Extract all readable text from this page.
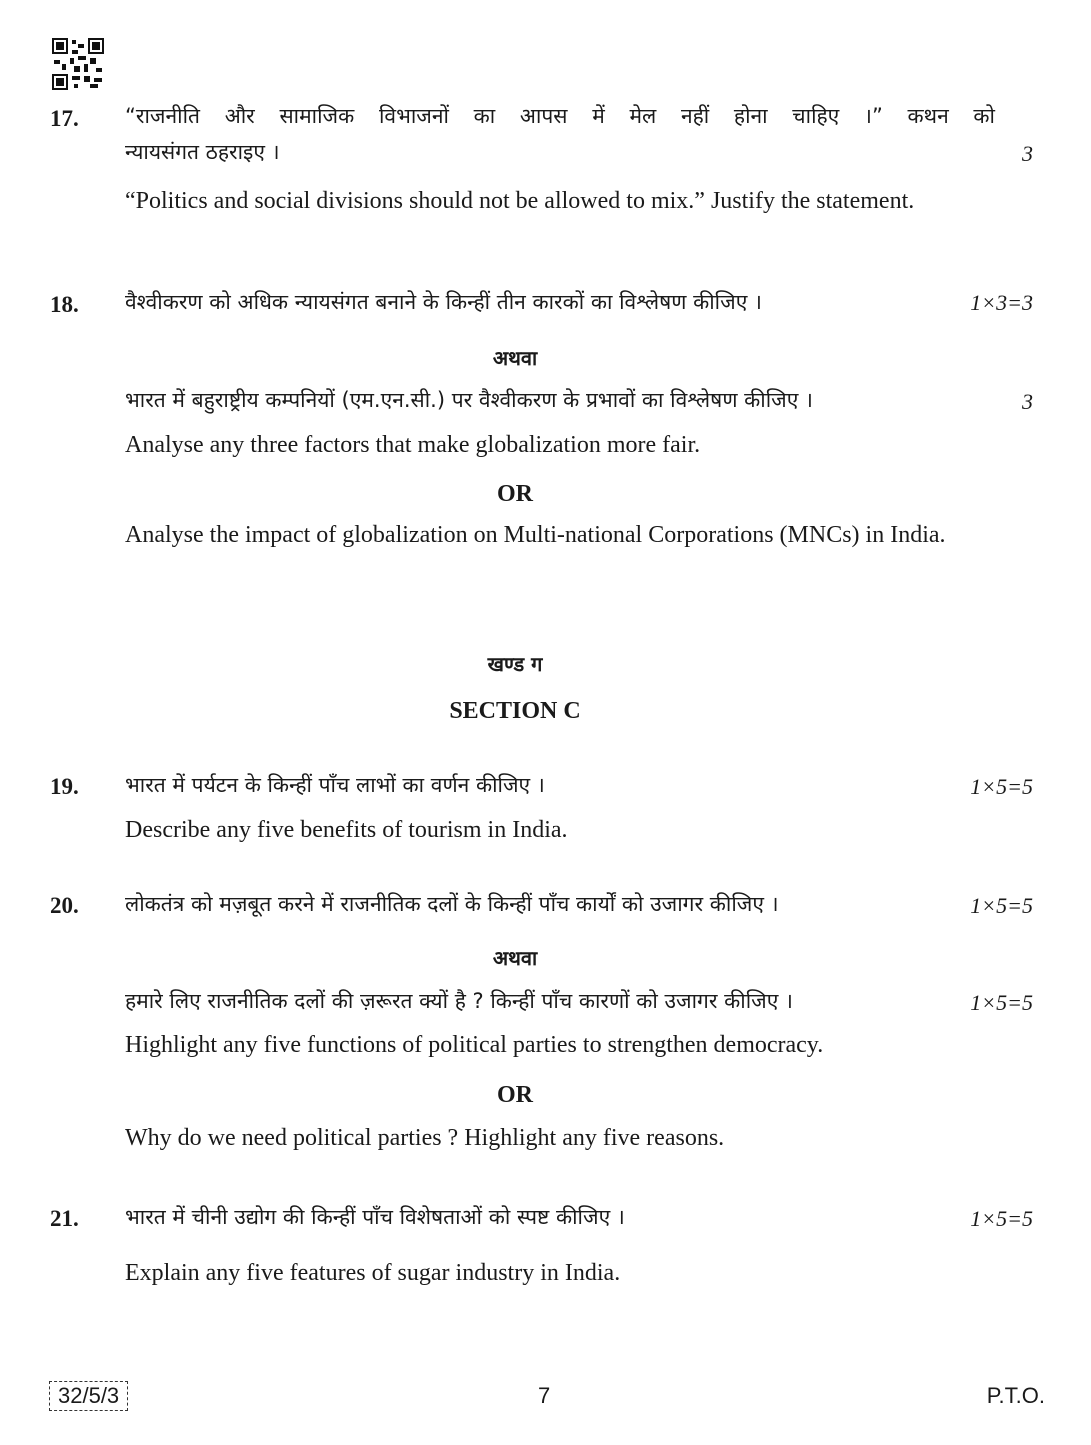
17. “राजनीति और सामाजिक विभाजनों का आपस में मेल नहीं होना चाहिए ।” कथन को
न्यायसंगत ठहराइए ।	3
“Politics and social divisions should not be allowed to mix.” Justify the statement.
18. वैश्वीकरण को अधिक न्यायसंगत बनाने के किन्हीं तीन कारकों का विश्लेषण कीजिए ।	1×3=3
अथवा
भारत में बहुराष्ट्रीय कम्पनियों (एम.एन.सी.) पर वैश्वीकरण के प्रभावों का विश्लेषण कीजिए ।	3
Analyse any three factors that make globalization more fair.
OR
Analyse the impact of globalization on Multi-national Corporations (MNCs) in India.
खण्ड ग
SECTION C
19. भारत में पर्यटन के किन्हीं पाँच लाभों का वर्णन कीजिए ।	1×5=5
Describe any five benefits of tourism in India.
20. लोकतंत्र को मज़बूत करने में राजनीतिक दलों के किन्हीं पाँच कार्यों को उजागर कीजिए ।	1×5=5
अथवा
हमारे लिए राजनीतिक दलों की ज़रूरत क्यों है ? किन्हीं पाँच कारणों को उजागर कीजिए ।	1×5=5
Highlight any five functions of political parties to strengthen democracy.
OR
Why do we need political parties ? Highlight any five reasons.
21. भारत में चीनी उद्योग की किन्हीं पाँच विशेषताओं को स्पष्ट कीजिए ।	1×5=5
Explain any five features of sugar industry in India.
32/5/3	7	P.T.O.
